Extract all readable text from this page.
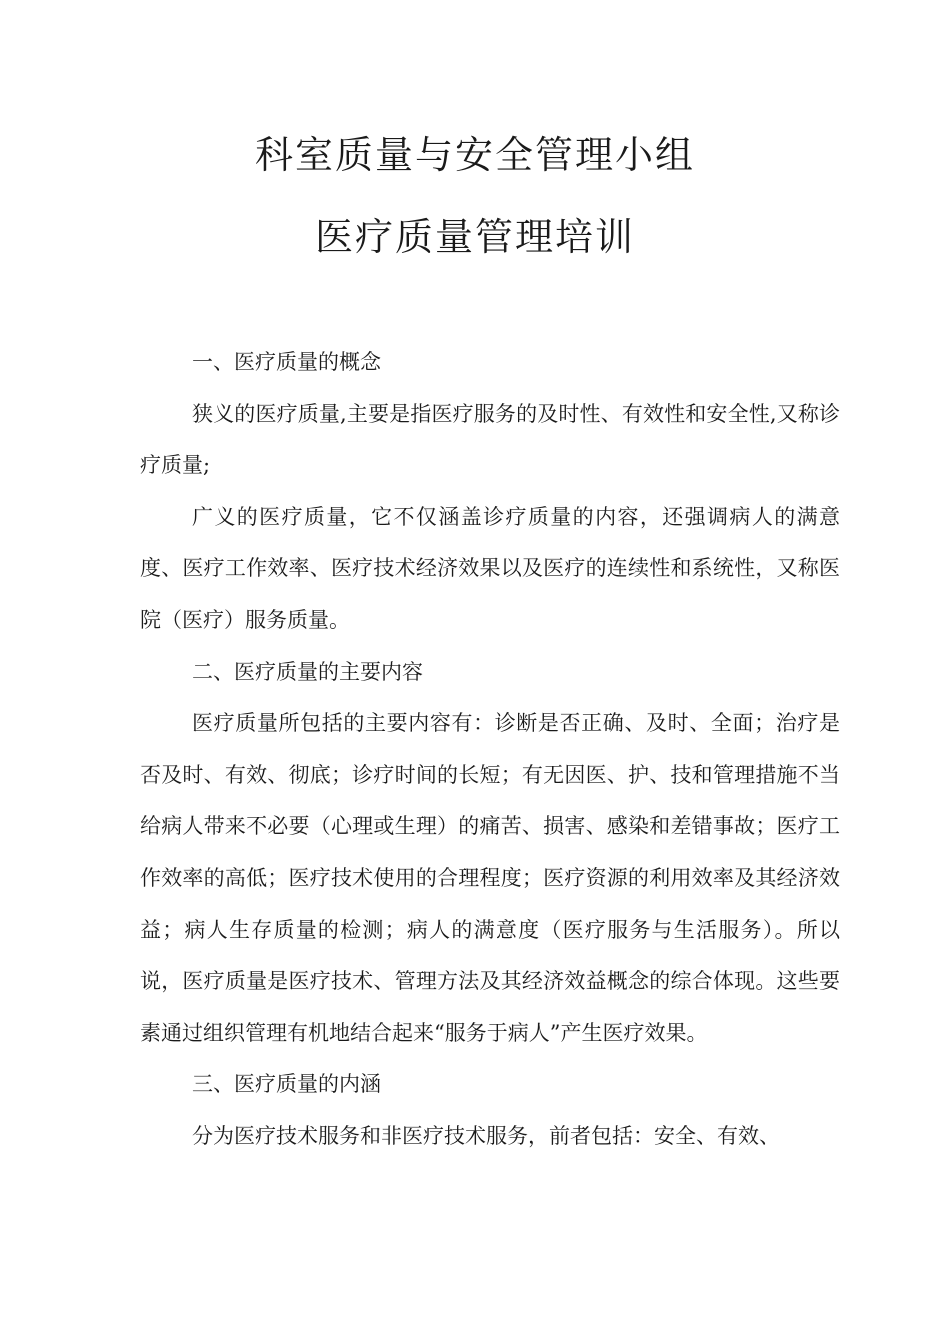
科室质量与安全管理小组
医疗质量管理培训

一、医疗质量的概念

狭义的医疗质量,主要是指医疗服务的及时性、有效性和安全性,又称诊疗质量;

广义的医疗质量，它不仅涵盖诊疗质量的内容，还强调病人的满意度、医疗工作效率、医疗技术经济效果以及医疗的连续性和系统性，又称医院（医疗）服务质量。

二、医疗质量的主要内容

医疗质量所包括的主要内容有：诊断是否正确、及时、全面；治疗是否及时、有效、彻底；诊疗时间的长短；有无因医、护、技和管理措施不当给病人带来不必要（心理或生理）的痛苦、损害、感染和差错事故；医疗工作效率的高低；医疗技术使用的合理程度；医疗资源的利用效率及其经济效益；病人生存质量的检测；病人的满意度（医疗服务与生活服务）。所以说，医疗质量是医疗技术、管理方法及其经济效益概念的综合体现。这些要素通过组织管理有机地结合起来“服务于病人”产生医疗效果。

三、医疗质量的内涵

分为医疗技术服务和非医疗技术服务，前者包括：安全、有效、
